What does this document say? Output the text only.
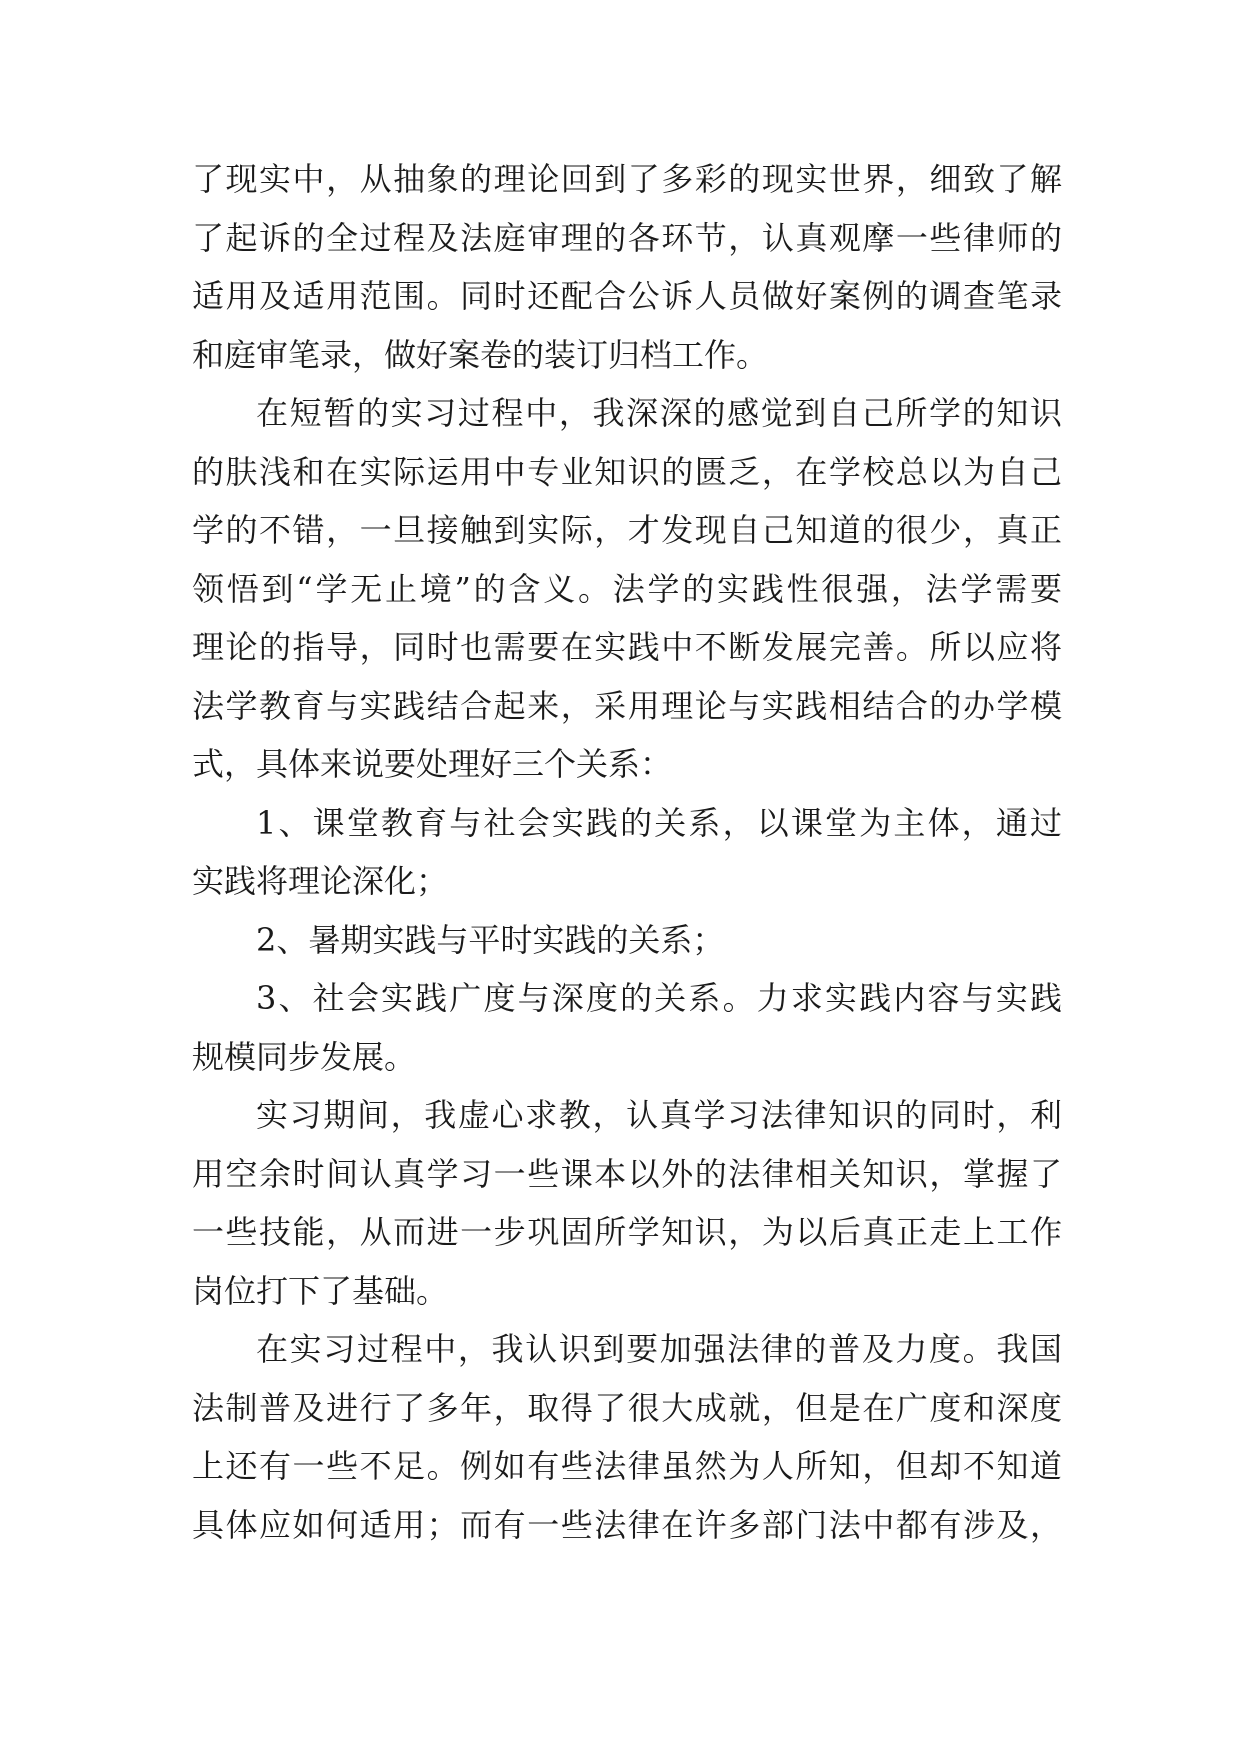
了现实中，从抽象的理论回到了多彩的现实世界，细致了解
了起诉的全过程及法庭审理的各环节，认真观摩一些律师的
适用及适用范围。同时还配合公诉人员做好案例的调查笔录
和庭审笔录，做好案卷的装订归档工作。
在短暂的实习过程中，我深深的感觉到自己所学的知识
的肤浅和在实际运用中专业知识的匮乏，在学校总以为自己
学的不错，一旦接触到实际，才发现自己知道的很少，真正
领悟到“学无止境”的含义。法学的实践性很强，法学需要
理论的指导，同时也需要在实践中不断发展完善。所以应将
法学教育与实践结合起来，采用理论与实践相结合的办学模
式，具体来说要处理好三个关系：
1、课堂教育与社会实践的关系，以课堂为主体，通过
实践将理论深化；
2、暑期实践与平时实践的关系；
3、社会实践广度与深度的关系。力求实践内容与实践
规模同步发展。
实习期间，我虚心求教，认真学习法律知识的同时，利
用空余时间认真学习一些课本以外的法律相关知识，掌握了
一些技能，从而进一步巩固所学知识，为以后真正走上工作
岗位打下了基础。
在实习过程中，我认识到要加强法律的普及力度。我国
法制普及进行了多年，取得了很大成就，但是在广度和深度
上还有一些不足。例如有些法律虽然为人所知，但却不知道
具体应如何适用；而有一些法律在许多部门法中都有涉及，
